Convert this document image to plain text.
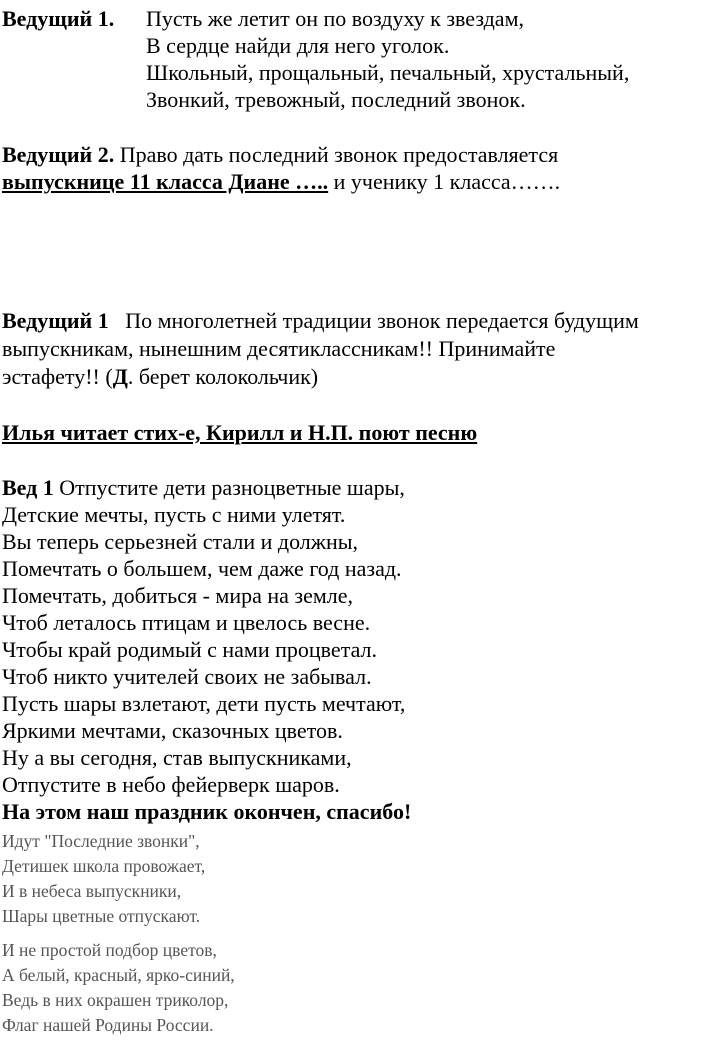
Ведущий 1. Пусть же летит он по воздуху к звездам,
В сердце найди для него уголок.
Школьный, прощальный, печальный, хрустальный,
Звонкий, тревожный, последний звонок.
Ведущий 2. Право дать последний звонок предоставляется
выпускнице 11 класса Диане ….. и ученику 1 класса…….
Ведущий 1 По многолетней традиции звонок передается будущим
выпускникам, нынешним десятиклассникам!! Принимайте
эстафету!! (Д. берет колокольчик)
Илья читает стих-е, Кирилл и Н.П. поют песню
Вед 1 Отпустите дети разноцветные шары,
Детские мечты, пусть с ними улетят.
Вы теперь серьезней стали и должны,
Помечтать о большем, чем даже год назад.
Помечтать, добиться - мира на земле,
Чтоб леталось птицам и цвелось весне.
Чтобы край родимый с нами процветал.
Чтоб никто учителей своих не забывал.
Пусть шары взлетают, дети пусть мечтают,
Яркими мечтами, сказочных цветов.
Ну а вы сегодня, став выпускниками,
Отпустите в небо фейерверк шаров.
На этом наш праздник окончен, спасибо!
Идут "Последние звонки",
Детишек школа провожает,
И в небеса выпускники,
Шары цветные отпускают.
И не простой подбор цветов,
А белый, красный, ярко-синий,
Ведь в них окрашен триколор,
Флаг нашей Родины России.
